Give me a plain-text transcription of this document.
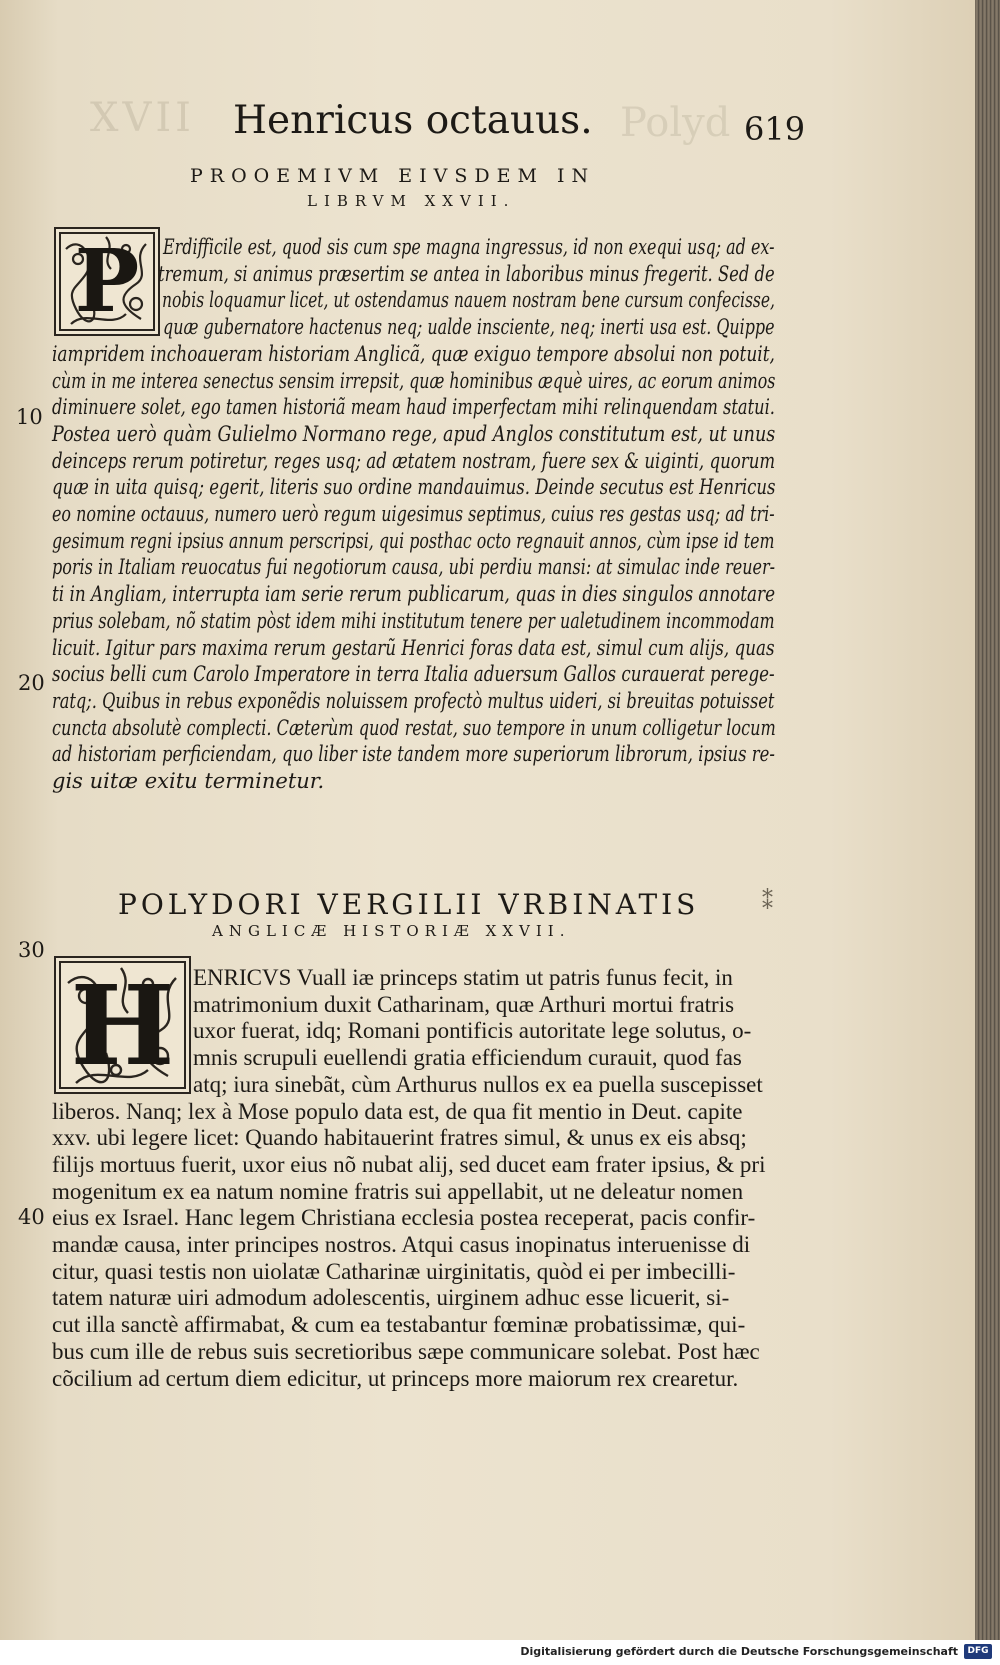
XVII	Polyd
Henricus octauus.	619
PROOEMIVM EIVSDEM IN
LIBRVM XXVII.
P Erdifficile est, quod sis cum spe magna ingressus, id non exequi usq; ad ex-
tremum, si animus præsertim se antea in laboribus minus fregerit. Sed de
nobis loquamur licet, ut ostendamus nauem nostram bene cursum confecisse,
quæ gubernatore hactenus neq; ualde insciente, neq; inerti usa est. Quippe
iampridem inchoaueram historiam Anglicã, quæ exiguo tempore absolui non potuit,
cùm in me interea senectus sensim irrepsit, quæ hominibus æquè uires, ac eorum animos
diminuere solet, ego tamen historiã meam haud imperfectam mihi relinquendam statui.
Postea uerò quàm Gulielmo Normano rege, apud Anglos constitutum est, ut unus
deinceps rerum potiretur, reges usq; ad ætatem nostram, fuere sex & uiginti, quorum
quæ in uita quisq; egerit, literis suo ordine mandauimus. Deinde secutus est Henricus
eo nomine octauus, numero uerò regum uigesimus septimus, cuius res gestas usq; ad tri-
gesimum regni ipsius annum perscripsi, qui posthac octo regnauit annos, cùm ipse id tem
poris in Italiam reuocatus fui negotiorum causa, ubi perdiu mansi: at simulac inde reuer-
ti in Angliam, interrupta iam serie rerum publicarum, quas in dies singulos annotare
prius solebam, nõ statim pòst idem mihi institutum tenere per ualetudinem incommodam
licuit. Igitur pars maxima rerum gestarũ Henrici foras data est, simul cum alijs, quas
socius belli cum Carolo Imperatore in terra Italia aduersum Gallos curauerat perege-
ratq;. Quibus in rebus exponẽdis noluissem profectò multus uideri, si breuitas potuisset
cuncta absolutè complecti. Cæterùm quod restat, suo tempore in unum colligetur locum
ad historiam perficiendam, quo liber iste tandem more superiorum librorum, ipsius re-
gis uitæ exitu terminetur.
10
20
30
40
POLYDORI VERGILII VRBINATIS
ANGLICÆ HISTORIÆ XXVII.
⁑
H ENRICVS Vuall iæ princeps statim ut patris funus fecit, in
matrimonium duxit Catharinam, quæ Arthuri mortui fratris
uxor fuerat, idq; Romani pontificis autoritate lege solutus, o-
mnis scrupuli euellendi gratia efficiendum curauit, quod fas
atq; iura sinebãt, cùm Arthurus nullos ex ea puella suscepisset
liberos. Nanq; lex à Mose populo data est, de qua fit mentio in Deut. capite
xxv. ubi legere licet: Quando habitauerint fratres simul, & unus ex eis absq;
filijs mortuus fuerit, uxor eius nõ nubat alij, sed ducet eam frater ipsius, & pri
mogenitum ex ea natum nomine fratris sui appellabit, ut ne deleatur nomen
eius ex Israel. Hanc legem Christiana ecclesia postea receperat, pacis confir-
mandæ causa, inter principes nostros. Atqui casus inopinatus interuenisse di
citur, quasi testis non uiolatæ Catharinæ uirginitatis, quòd ei per imbecilli-
tatem naturæ uiri admodum adolescentis, uirginem adhuc esse licuerit, si-
cut illa sanctè affirmabat, & cum ea testabantur fœminæ probatissimæ, qui-
bus cum ille de rebus suis secretioribus sæpe communicare solebat. Post hæc
cõcilium ad certum diem edicitur, ut princeps more maiorum rex crearetur.
Digitalisierung gefördert durch die Deutsche Forschungsgemeinschaft	DFG
